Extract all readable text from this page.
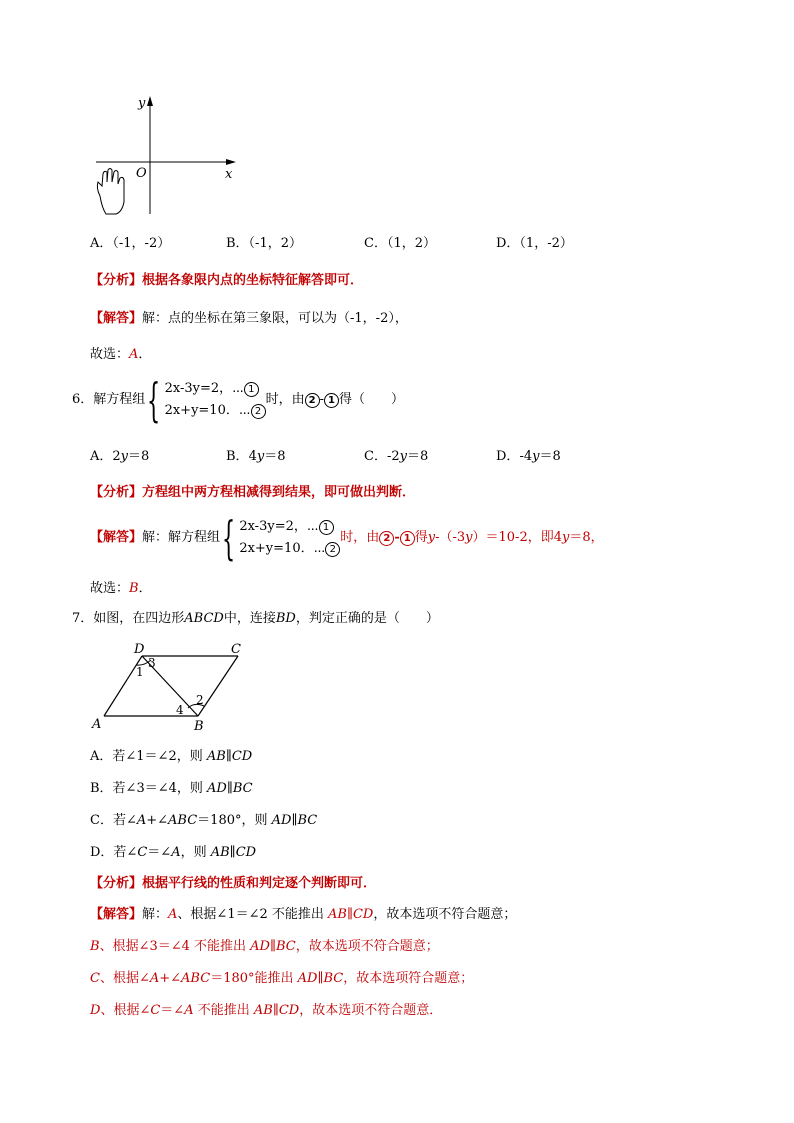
y
O	x
A．（-1，-2）	B．（-1，2）	C．（1，2）	D．（1，-2）
【分析】根据各象限内点的坐标特征解答即可．
【解答】解：点的坐标在第三象限，可以为（-1，-2），
故选：A．
6．解方程组{ 2x-3y=2，⋯ 1
2x+y=10．⋯ 2时，由 2 - 1 得（　　）
A．2y＝8	B．4y＝8	C．-2y＝8	D．-4y＝8
【分析】方程组中两方程相减得到结果，即可做出判断．
【解答】解：解方程组{ 2x-3y=2，⋯ 1
2x+y=10．⋯ 2时，由 2 - 1 得y-（-3y）＝10-2，即4y＝8，
故选：B．
7．如图，在四边形ABCD中，连接BD，判定正确的是（　　）
D	C
A	B
1
3
2
4
A．若∠1＝∠2，则 AB∥CD
B．若∠3＝∠4，则 AD∥BC
C．若∠A+∠ABC＝180°，则 AD∥BC
D．若∠C＝∠A，则 AB∥CD
【分析】根据平行线的性质和判定逐个判断即可．
【解答】解：A、根据∠1＝∠2 不能推出 AB∥CD，故本选项不符合题意；
B、根据∠3＝∠4 不能推出 AD∥BC，故本选项不符合题意；
C、根据∠A+∠ABC＝180°能推出 AD∥BC，故本选项符合题意；
D、根据∠C＝∠A 不能推出 AB∥CD，故本选项不符合题意．
